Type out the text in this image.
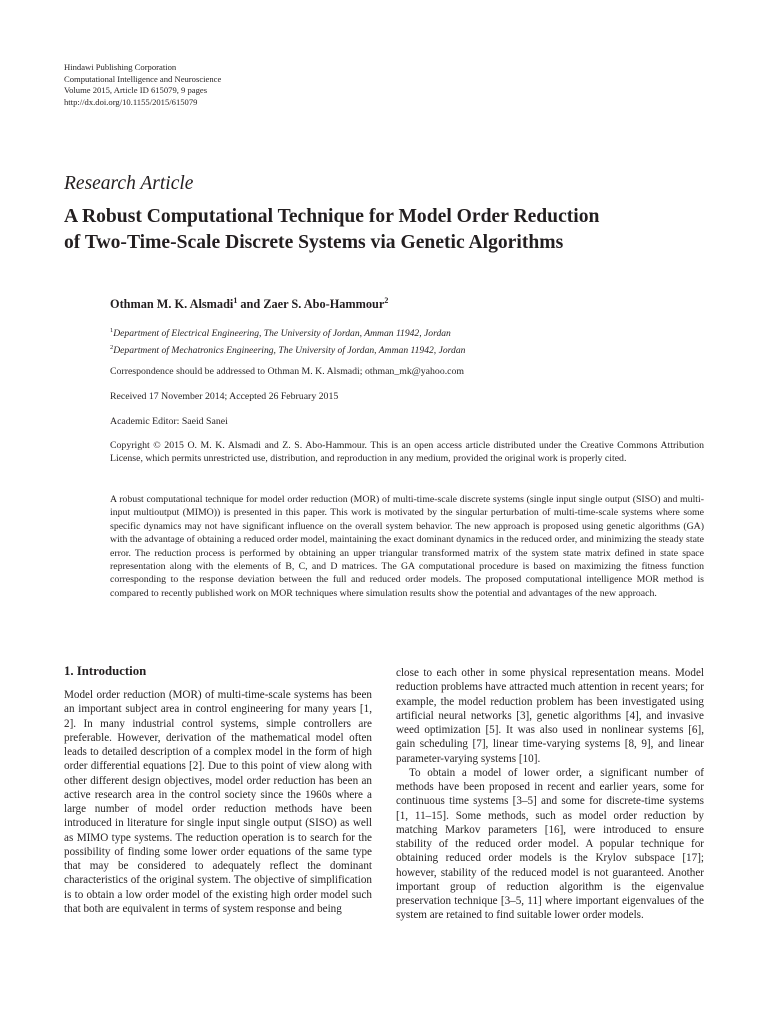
Hindawi Publishing Corporation
Computational Intelligence and Neuroscience
Volume 2015, Article ID 615079, 9 pages
http://dx.doi.org/10.1155/2015/615079
Research Article
A Robust Computational Technique for Model Order Reduction
of Two-Time-Scale Discrete Systems via Genetic Algorithms
Othman M. K. Alsmadi$^1$ and Zaer S. Abo-Hammour$^2$
$^1$Department of Electrical Engineering, The University of Jordan, Amman 11942, Jordan
$^2$Department of Mechatronics Engineering, The University of Jordan, Amman 11942, Jordan
Correspondence should be addressed to Othman M. K. Alsmadi; othman_mk@yahoo.com
Received 17 November 2014; Accepted 26 February 2015
Academic Editor: Saeid Sanei
Copyright © 2015 O. M. K. Alsmadi and Z. S. Abo-Hammour. This is an open access article distributed under the Creative Commons Attribution License, which permits unrestricted use, distribution, and reproduction in any medium, provided the original work is properly cited.
A robust computational technique for model order reduction (MOR) of multi-time-scale discrete systems (single input single output (SISO) and multi-input multioutput (MIMO)) is presented in this paper. This work is motivated by the singular perturbation of multi-time-scale systems where some specific dynamics may not have significant influence on the overall system behavior. The new approach is proposed using genetic algorithms (GA) with the advantage of obtaining a reduced order model, maintaining the exact dominant dynamics in the reduced order, and minimizing the steady state error. The reduction process is performed by obtaining an upper triangular transformed matrix of the system state matrix defined in state space representation along with the elements of B, C, and D matrices. The GA computational procedure is based on maximizing the fitness function corresponding to the response deviation between the full and reduced order models. The proposed computational intelligence MOR method is compared to recently published work on MOR techniques where simulation results show the potential and advantages of the new approach.
1. Introduction

Model order reduction (MOR) of multi-time-scale systems has been an important subject area in control engineering for many years [1, 2]. In many industrial control systems, simple controllers are preferable. However, derivation of the mathematical model often leads to detailed description of a complex model in the form of high order differential equations [2]. Due to this point of view along with other different design objectives, model order reduction has been an active research area in the control society since the 1960s where a large number of model order reduction methods have been introduced in literature for single input single output (SISO) as well as MIMO type systems. The reduction operation is to search for the possibility of finding some lower order equations of the same type that may be considered to adequately reflect the dominant characteristics of the original system. The objective of simplification is to obtain a low order model of the existing high order model such that both are equivalent in terms of system response and being

close to each other in some physical representation means. Model reduction problems have attracted much attention in recent years; for example, the model reduction problem has been investigated using artificial neural networks [3], genetic algorithms [4], and invasive weed optimization [5]. It was also used in nonlinear systems [6], gain scheduling [7], linear time-varying systems [8, 9], and linear parameter-varying systems [10].

To obtain a model of lower order, a significant number of methods have been proposed in recent and earlier years, some for continuous time systems [3–5] and some for discrete-time systems [1, 11–15]. Some methods, such as model order reduction by matching Markov parameters [16], were introduced to ensure stability of the reduced order model. A popular technique for obtaining reduced order models is the Krylov subspace [17]; however, stability of the reduced model is not guaranteed. Another important group of reduction algorithm is the eigenvalue preservation technique [3–5, 11] where important eigenvalues of the system are retained to find suitable lower order models.
